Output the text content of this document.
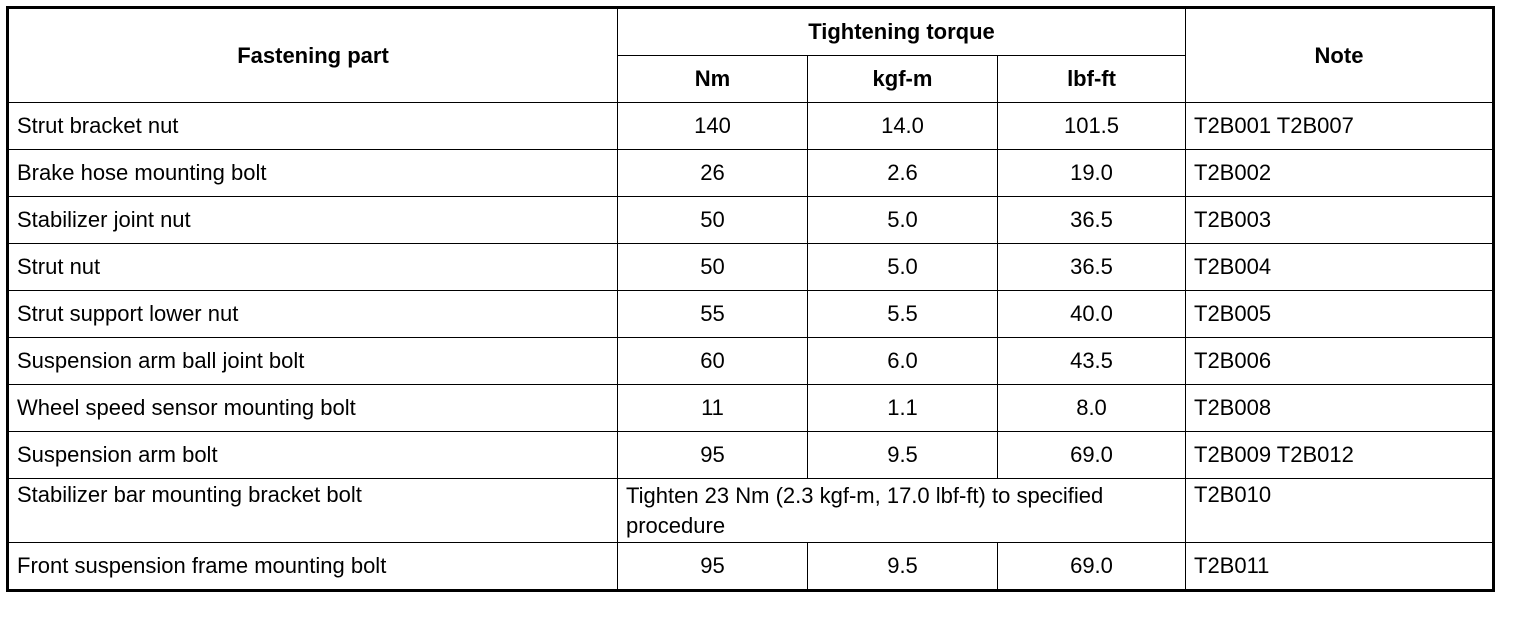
Fastening part	Tightening torque			Note
	Nm	kgf-m	lbf-ft	
Strut bracket nut	140	14.0	101.5	T2B001 T2B007
Brake hose mounting bolt	26	2.6	19.0	T2B002
Stabilizer joint nut	50	5.0	36.5	T2B003
Strut nut	50	5.0	36.5	T2B004
Strut support lower nut	55	5.5	40.0	T2B005
Suspension arm ball joint bolt	60	6.0	43.5	T2B006
Wheel speed sensor mounting bolt	11	1.1	8.0	T2B008
Suspension arm bolt	95	9.5	69.0	T2B009 T2B012
Stabilizer bar mounting bracket bolt	Tighten 23 Nm (2.3 kgf-m, 17.0 lbf-ft) to specified procedure			T2B010
Front suspension frame mounting bolt	95	9.5	69.0	T2B011
